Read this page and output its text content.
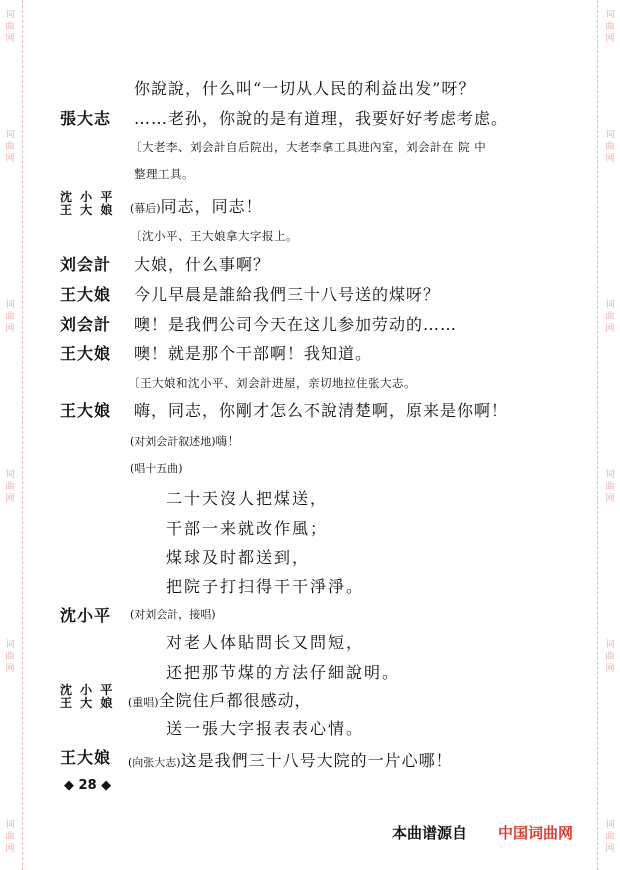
词
曲
网
词
曲
网
词
曲
网
词
曲
网
词
曲
网
词
曲
网
词
曲
网
词
曲
网
词
曲
网
词
曲
网
词
曲
网
词
曲
网
你說說，什么叫“一切从人民的利益出发”呀？
張大志 ……老孙，你說的是有道理，我要好好考虑考虑。
〔大老李、刘会計自后院出，大老李拿工具进內室，刘会計在 院 中
整理工具。
沈 小 平
王 大 娘 (幕后)同志，同志！
〔沈小平、王大娘拿大字报上。
刘会計 大娘，什么事啊？
王大娘 今儿早晨是誰給我們三十八号送的煤呀？
刘会計 噢！是我們公司今天在这儿参加劳动的……
王大娘 噢！就是那个干部啊！我知道。
〔王大娘和沈小平、刘会計进屋，亲切地拉住张大志。
王大娘 嗨，同志，你剛才怎么不說清楚啊，原来是你啊！
(对刘会計叙述地)嗨！
(唱十五曲)
二十天沒人把煤送，
干部一来就改作風；
煤球及时都送到，
把院子打扫得干干淨淨。
沈小平 (对刘会計，接唱)
对老人体貼問长又問短，
还把那节煤的方法仔細說明。
沈 小 平
王 大 娘 (重唱)全院住戶都很感动，
送一張大字报表表心情。
王大娘 (向张大志)这是我們三十八号大院的一片心哪！
◆ 28 ◆
本曲谱源自 中国词曲网
